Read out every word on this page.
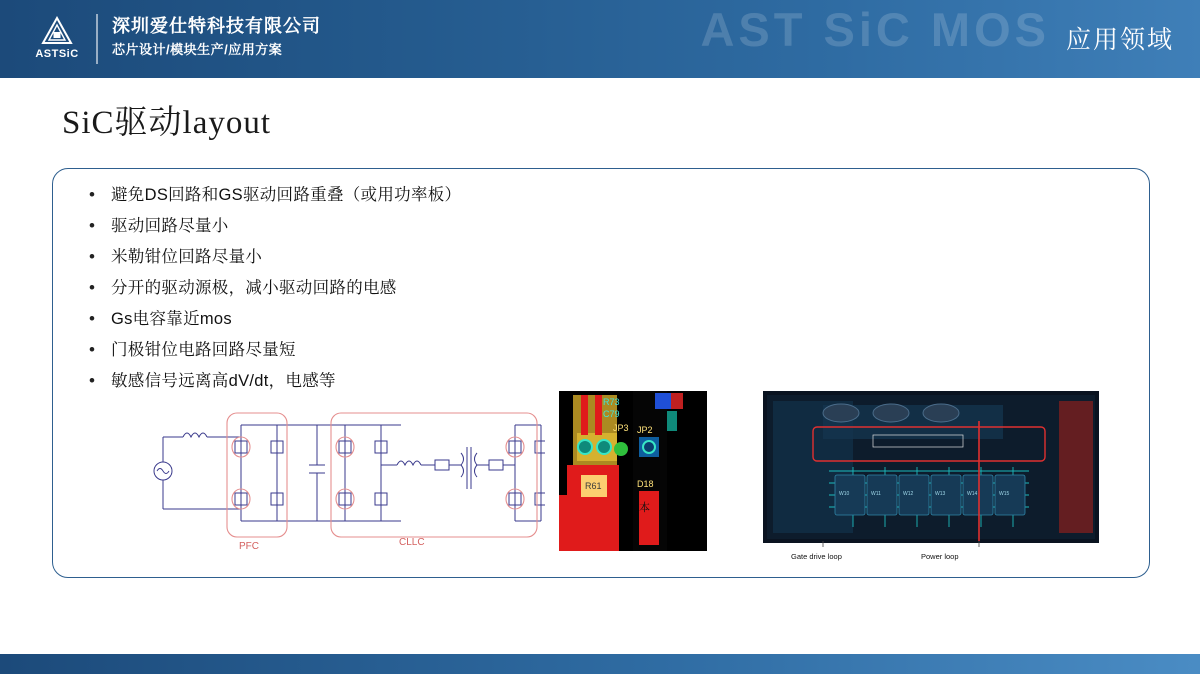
AST SiC MOS
ASTSiC
深圳爱仕特科技有限公司
芯片设计/模块生产/应用方案	应用领域
SiC驱动layout
• 避免DS回路和GS驱动回路重叠（或用功率板）
• 驱动回路尽量小
• 米勒钳位回路尽量小
• 分开的驱动源极，减小驱动回路的电感
• Gs电容靠近mos
• 门极钳位电路回路尽量短
• 敏感信号远离高dV/dt，电感等
PFC	CLLC
R73
C79
JP3 JP2
D18
R61
本
W10	W11	W12	W13	W14	W15
Gate drive loop	Power loop
